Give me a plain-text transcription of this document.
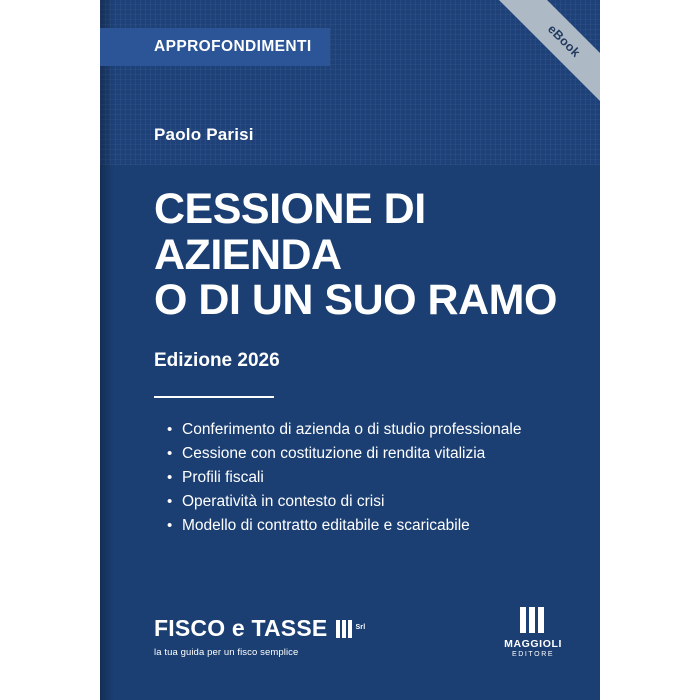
APPROFONDIMENTI	eBook

Paolo Parisi

CESSIONE DI AZIENDA
O DI UN SUO RAMO

Edizione 2026

• Conferimento di azienda o di studio professionale
• Cessione con costituzione di rendita vitalizia
• Profili fiscali
• Operatività in contesto di crisi
• Modello di contratto editabile e scaricabile
FISCO e TASSE	Srl
la tua guida per un fisco semplice
MAGGIOLI
EDITORE
